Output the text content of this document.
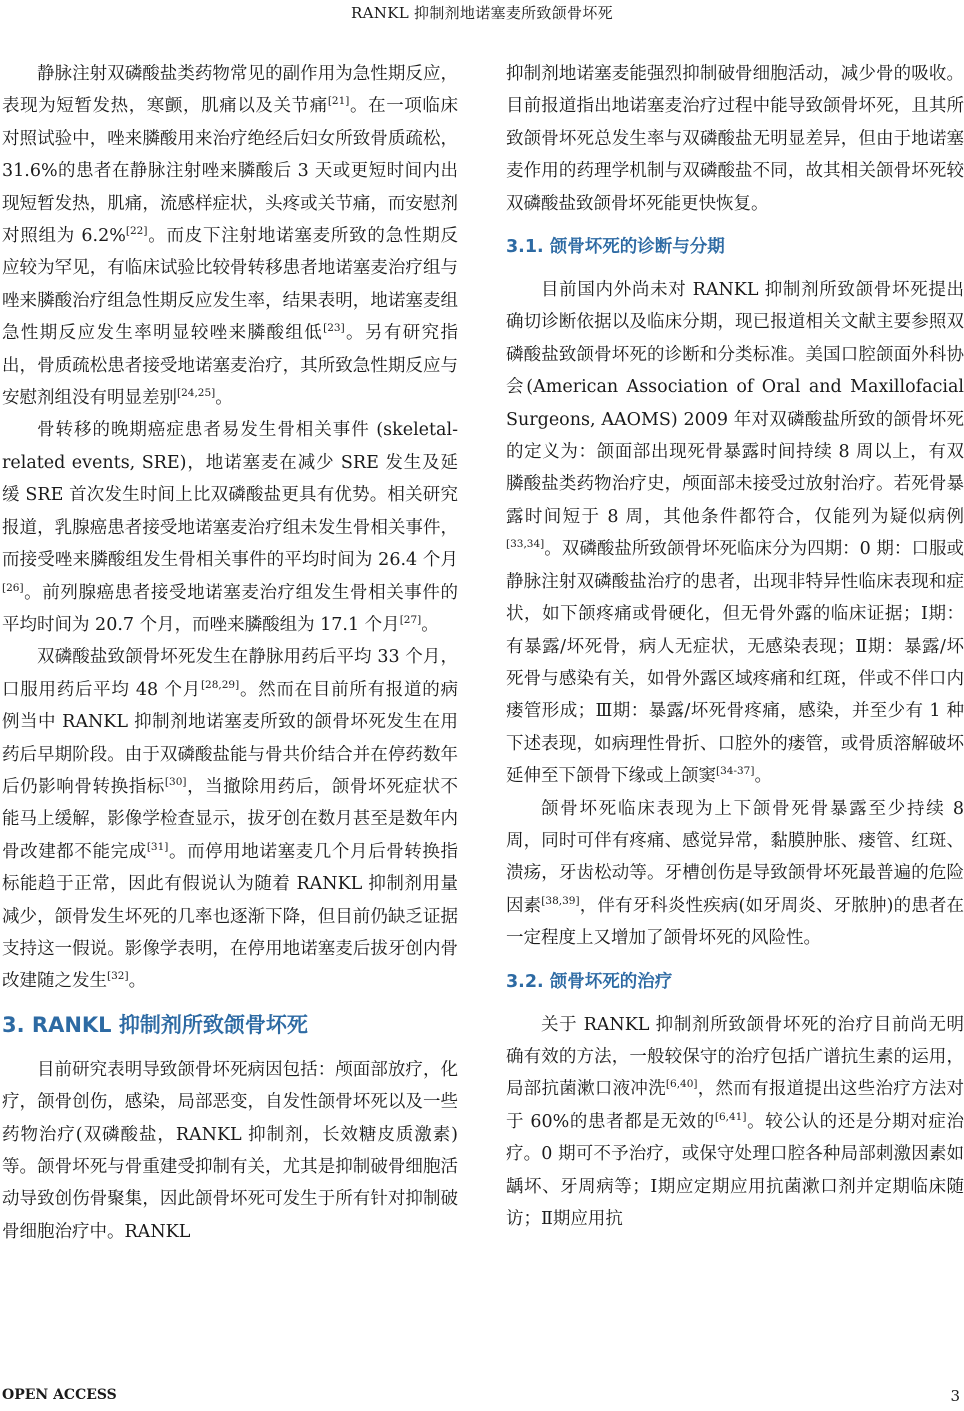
RANKL 抑制剂地诺塞麦所致颌骨坏死

静脉注射双磷酸盐类药物常见的副作用为急性期反应，表现为短暂发热，寒颤，肌痛以及关节痛[21]。在一项临床对照试验中，唑来膦酸用来治疗绝经后妇女所致骨质疏松，31.6%的患者在静脉注射唑来膦酸后 3 天或更短时间内出现短暂发热，肌痛，流感样症状，头疼或关节痛，而安慰剂对照组为 6.2%[22]。而皮下注射地诺塞麦所致的急性期反应较为罕见，有临床试验比较骨转移患者地诺塞麦治疗组与唑来膦酸治疗组急性期反应发生率，结果表明，地诺塞麦组急性期反应发生率明显较唑来膦酸组低[23]。另有研究指出，骨质疏松患者接受地诺塞麦治疗，其所致急性期反应与安慰剂组没有明显差别[24,25]。

骨转移的晚期癌症患者易发生骨相关事件 (skeletal-related events, SRE)，地诺塞麦在减少 SRE 发生及延缓 SRE 首次发生时间上比双磷酸盐更具有优势。相关研究报道，乳腺癌患者接受地诺塞麦治疗组未发生骨相关事件，而接受唑来膦酸组发生骨相关事件的平均时间为 26.4 个月[26]。前列腺癌患者接受地诺塞麦治疗组发生骨相关事件的平均时间为 20.7 个月，而唑来膦酸组为 17.1 个月[27]。

双磷酸盐致颌骨坏死发生在静脉用药后平均 33 个月，口服用药后平均 48 个月[28,29]。然而在目前所有报道的病例当中 RANKL 抑制剂地诺塞麦所致的颌骨坏死发生在用药后早期阶段。由于双磷酸盐能与骨共价结合并在停药数年后仍影响骨转换指标[30]，当撤除用药后，颌骨坏死症状不能马上缓解，影像学检查显示，拔牙创在数月甚至是数年内骨改建都不能完成[31]。而停用地诺塞麦几个月后骨转换指标能趋于正常，因此有假说认为随着 RANKL 抑制剂用量减少，颌骨发生坏死的几率也逐渐下降，但目前仍缺乏证据支持这一假说。影像学表明，在停用地诺塞麦后拔牙创内骨改建随之发生[32]。

3. RANKL 抑制剂所致颌骨坏死

目前研究表明导致颌骨坏死病因包括：颅面部放疗，化疗，颌骨创伤，感染，局部恶变，自发性颌骨坏死以及一些药物治疗(双磷酸盐，RANKL 抑制剂，长效糖皮质激素)等。颌骨坏死与骨重建受抑制有关，尤其是抑制破骨细胞活动导致创伤骨聚集，因此颌骨坏死可发生于所有针对抑制破骨细胞治疗中。RANKL

抑制剂地诺塞麦能强烈抑制破骨细胞活动，减少骨的吸收。目前报道指出地诺塞麦治疗过程中能导致颌骨坏死，且其所致颌骨坏死总发生率与双磷酸盐无明显差异，但由于地诺塞麦作用的药理学机制与双磷酸盐不同，故其相关颌骨坏死较双磷酸盐致颌骨坏死能更快恢复。

3.1. 颌骨坏死的诊断与分期

目前国内外尚未对 RANKL 抑制剂所致颌骨坏死提出确切诊断依据以及临床分期，现已报道相关文献主要参照双磷酸盐致颌骨坏死的诊断和分类标准。美国口腔颌面外科协会(American Association of Oral and Maxillofacial Surgeons, AAOMS) 2009 年对双磷酸盐所致的颌骨坏死的定义为：颌面部出现死骨暴露时间持续 8 周以上，有双膦酸盐类药物治疗史，颅面部未接受过放射治疗。若死骨暴露时间短于 8 周，其他条件都符合，仅能列为疑似病例[33,34]。双磷酸盐所致颌骨坏死临床分为四期：0 期：口服或静脉注射双磷酸盐治疗的患者，出现非特异性临床表现和症状，如下颌疼痛或骨硬化，但无骨外露的临床证据；Ⅰ期：有暴露/坏死骨，病人无症状，无感染表现；Ⅱ期：暴露/坏死骨与感染有关，如骨外露区域疼痛和红斑，伴或不伴口内瘘管形成；Ⅲ期：暴露/坏死骨疼痛，感染，并至少有 1 种下述表现，如病理性骨折、口腔外的瘘管，或骨质溶解破坏延伸至下颌骨下缘或上颌窦[34-37]。

颌骨坏死临床表现为上下颌骨死骨暴露至少持续 8 周，同时可伴有疼痛、感觉异常，黏膜肿胀、瘘管、红斑、溃疡，牙齿松动等。牙槽创伤是导致颌骨坏死最普遍的危险因素[38,39]，伴有牙科炎性疾病(如牙周炎、牙脓肿)的患者在一定程度上又增加了颌骨坏死的风险性。

3.2. 颌骨坏死的治疗

关于 RANKL 抑制剂所致颌骨坏死的治疗目前尚无明确有效的方法，一般较保守的治疗包括广谱抗生素的运用，局部抗菌漱口液冲洗[6,40]，然而有报道提出这些治疗方法对于 60%的患者都是无效的[6,41]。较公认的还是分期对症治疗。0 期可不予治疗，或保守处理口腔各种局部刺激因素如龋坏、牙周病等；Ⅰ期应定期应用抗菌漱口剂并定期临床随访；Ⅱ期应用抗

OPEN ACCESS	3
